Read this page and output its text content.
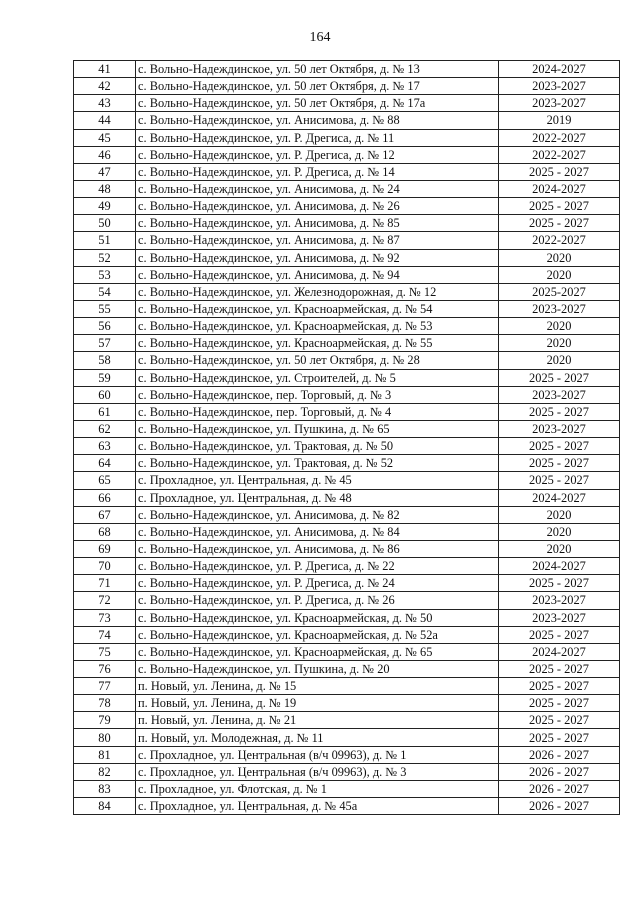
164
41	с. Вольно-Надеждинское, ул. 50 лет Октября, д. № 13	2024-2027
42	с. Вольно-Надеждинское, ул. 50 лет Октября, д. № 17	2023-2027
43	с. Вольно-Надеждинское, ул. 50 лет Октября, д. № 17а	2023-2027
44	с. Вольно-Надеждинское, ул. Анисимова, д. № 88	2019
45	с. Вольно-Надеждинское, ул. Р. Дрегиса, д. № 11	2022-2027
46	с. Вольно-Надеждинское, ул. Р. Дрегиса, д. № 12	2022-2027
47	с. Вольно-Надеждинское, ул. Р. Дрегиса, д. № 14	2025 - 2027
48	с. Вольно-Надеждинское, ул. Анисимова, д. № 24	2024-2027
49	с. Вольно-Надеждинское, ул. Анисимова, д. № 26	2025 - 2027
50	с. Вольно-Надеждинское, ул. Анисимова, д. № 85	2025 - 2027
51	с. Вольно-Надеждинское, ул. Анисимова, д. № 87	2022-2027
52	с. Вольно-Надеждинское, ул. Анисимова, д. № 92	2020
53	с. Вольно-Надеждинское, ул. Анисимова, д. № 94	2020
54	с. Вольно-Надеждинское, ул. Железнодорожная, д. № 12	2025-2027
55	с. Вольно-Надеждинское, ул. Красноармейская, д. № 54	2023-2027
56	с. Вольно-Надеждинское, ул. Красноармейская, д. № 53	2020
57	с. Вольно-Надеждинское, ул. Красноармейская, д. № 55	2020
58	с. Вольно-Надеждинское, ул. 50 лет Октября, д. № 28	2020
59	с. Вольно-Надеждинское, ул. Строителей, д. № 5	2025 - 2027
60	с. Вольно-Надеждинское, пер. Торговый, д. № 3	2023-2027
61	с. Вольно-Надеждинское, пер. Торговый, д. № 4	2025 - 2027
62	с. Вольно-Надеждинское, ул. Пушкина, д. № 65	2023-2027
63	с. Вольно-Надеждинское, ул. Трактовая, д. № 50	2025 - 2027
64	с. Вольно-Надеждинское, ул. Трактовая, д. № 52	2025 - 2027
65	с. Прохладное, ул. Центральная, д. № 45	2025 - 2027
66	с. Прохладное, ул. Центральная, д. № 48	2024-2027
67	с. Вольно-Надеждинское, ул. Анисимова, д. № 82	2020
68	с. Вольно-Надеждинское, ул. Анисимова, д. № 84	2020
69	с. Вольно-Надеждинское, ул. Анисимова, д. № 86	2020
70	с. Вольно-Надеждинское, ул. Р. Дрегиса, д. № 22	2024-2027
71	с. Вольно-Надеждинское, ул. Р. Дрегиса, д. № 24	2025 - 2027
72	с. Вольно-Надеждинское, ул. Р. Дрегиса, д. № 26	2023-2027
73	с. Вольно-Надеждинское, ул. Красноармейская, д. № 50	2023-2027
74	с. Вольно-Надеждинское, ул. Красноармейская, д. № 52а	2025 - 2027
75	с. Вольно-Надеждинское, ул. Красноармейская, д. № 65	2024-2027
76	с. Вольно-Надеждинское, ул. Пушкина, д. № 20	2025 - 2027
77	п. Новый, ул. Ленина, д. № 15	2025 - 2027
78	п. Новый, ул. Ленина, д. № 19	2025 - 2027
79	п. Новый, ул. Ленина, д. № 21	2025 - 2027
80	п. Новый, ул. Молодежная, д. № 11	2025 - 2027
81	с. Прохладное, ул. Центральная (в/ч 09963), д. № 1	2026 - 2027
82	с. Прохладное, ул. Центральная (в/ч 09963), д. № 3	2026 - 2027
83	с. Прохладное, ул. Флотская, д. № 1	2026 - 2027
84	с. Прохладное, ул. Центральная, д. № 45а	2026 - 2027
